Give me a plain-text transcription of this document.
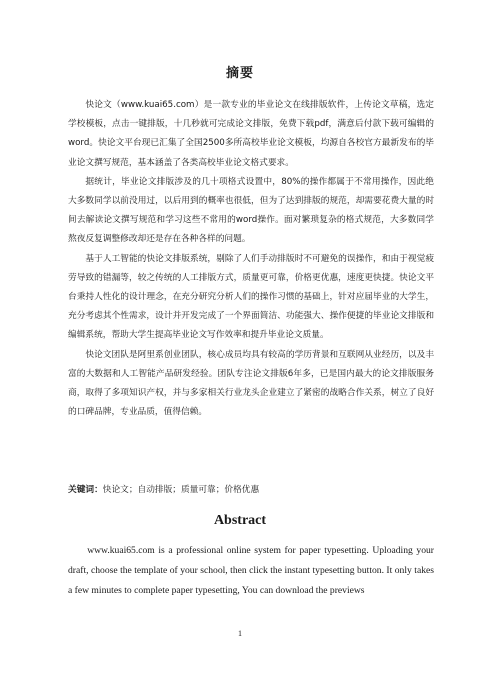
摘要

快论文（www.kuai65.com）是一款专业的毕业论文在线排版软件，上传论文草稿，选定学校模板，点击一键排版，十几秒就可完成论文排版，免费下载pdf，满意后付款下载可编辑的word。快论文平台现已汇集了全国2500多所高校毕业论文模板，均源自各校官方最新发布的毕业论文撰写规范，基本涵盖了各类高校毕业论文格式要求。

据统计，毕业论文排版涉及的几十项格式设置中，80%的操作都属于不常用操作，因此绝大多数同学以前没用过，以后用到的概率也很低，但为了达到排版的规范，却需要花费大量的时间去解读论文撰写规范和学习这些不常用的word操作。面对繁琐复杂的格式规范，大多数同学熬夜反复调整修改却还是存在各种各样的问题。

基于人工智能的快论文排版系统，剔除了人们手动排版时不可避免的误操作，和由于视觉疲劳导致的错漏等，较之传统的人工排版方式，质量更可靠，价格更优惠，速度更快捷。快论文平台秉持人性化的设计理念，在充分研究分析人们的操作习惯的基础上，针对应届毕业的大学生，充分考虑其个性需求，设计并开发完成了一个界面简洁、功能强大、操作便捷的毕业论文排版和编辑系统，帮助大学生提高毕业论文写作效率和提升毕业论文质量。

快论文团队是阿里系创业团队，核心成员均具有较高的学历背景和互联网从业经历，以及丰富的大数据和人工智能产品研发经验。团队专注论文排版6年多，已是国内最大的论文排版服务商，取得了多项知识产权，并与多家相关行业龙头企业建立了紧密的战略合作关系，树立了良好的口碑品牌，专业品质，值得信赖。

关键词：快论文；自动排版；质量可靠；价格优惠
Abstract

www.kuai65.com is a professional online system for paper typesetting. Uploading your draft, choose the template of your school, then click the instant typesetting button. It only takes a few minutes to complete paper typesetting, You can download the previews

1
